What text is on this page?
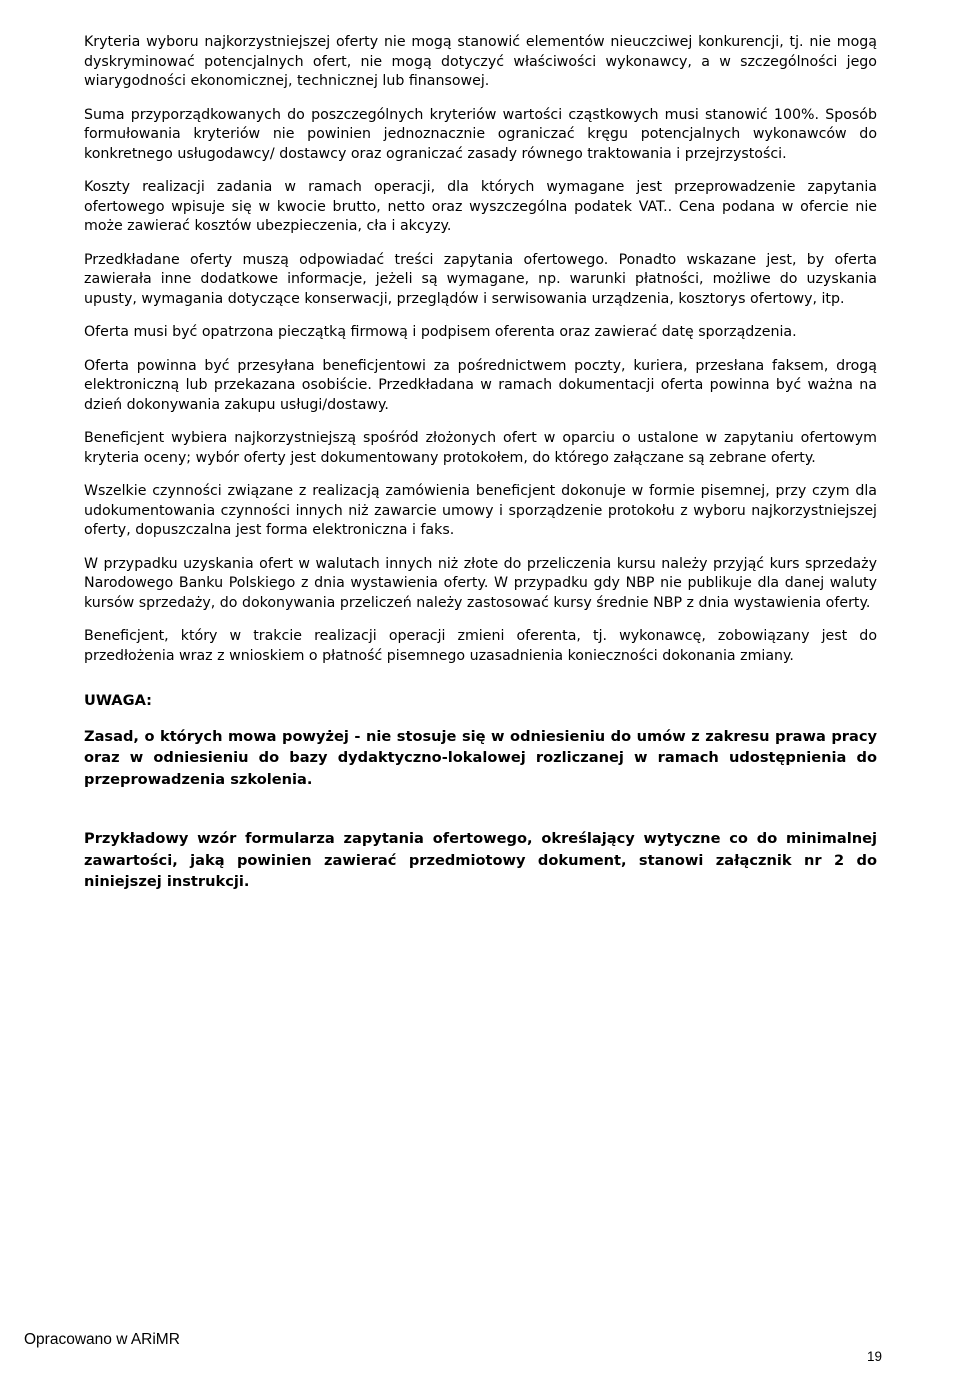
Kryteria wyboru najkorzystniejszej oferty nie mogą stanowić elementów nieuczciwej konkurencji, tj. nie mogą dyskryminować potencjalnych ofert, nie mogą dotyczyć właściwości wykonawcy, a w szczególności jego wiarygodności ekonomicznej, technicznej lub finansowej.

Suma przyporządkowanych do poszczególnych kryteriów wartości cząstkowych musi stanowić 100%. Sposób formułowania kryteriów nie powinien jednoznacznie ograniczać kręgu potencjalnych wykonawców do konkretnego usługodawcy/ dostawcy oraz ograniczać zasady równego traktowania i przejrzystości.

Koszty realizacji zadania w ramach operacji, dla których wymagane jest przeprowadzenie zapytania ofertowego wpisuje się w kwocie brutto, netto oraz wyszczególna podatek VAT.. Cena podana w ofercie nie może zawierać kosztów ubezpieczenia, cła i akcyzy.

Przedkładane oferty muszą odpowiadać treści zapytania ofertowego. Ponadto wskazane jest, by oferta zawierała inne dodatkowe informacje, jeżeli są wymagane, np. warunki płatności, możliwe do uzyskania upusty, wymagania dotyczące konserwacji, przeglądów i serwisowania urządzenia, kosztorys ofertowy, itp.

Oferta musi być opatrzona pieczątką firmową i podpisem oferenta oraz zawierać datę sporządzenia.

Oferta powinna być przesyłana beneficjentowi za pośrednictwem poczty, kuriera, przesłana faksem, drogą elektroniczną lub przekazana osobiście. Przedkładana w ramach dokumentacji oferta powinna być ważna na dzień dokonywania zakupu usługi/dostawy.

Beneficjent wybiera najkorzystniejszą spośród złożonych ofert w oparciu o ustalone w zapytaniu ofertowym kryteria oceny; wybór oferty jest dokumentowany protokołem, do którego załączane są zebrane oferty.

Wszelkie czynności związane z realizacją zamówienia beneficjent dokonuje w formie pisemnej, przy czym dla udokumentowania czynności innych niż zawarcie umowy i sporządzenie protokołu z wyboru najkorzystniejszej oferty, dopuszczalna jest forma elektroniczna i faks.

W przypadku uzyskania ofert w walutach innych niż złote do przeliczenia kursu należy przyjąć kurs sprzedaży Narodowego Banku Polskiego z dnia wystawienia oferty. W przypadku gdy NBP nie publikuje dla danej waluty kursów sprzedaży, do dokonywania przeliczeń należy zastosować kursy średnie NBP z dnia wystawienia oferty.

Beneficjent, który w trakcie realizacji operacji zmieni oferenta, tj. wykonawcę, zobowiązany jest do przedłożenia wraz z wnioskiem o płatność pisemnego uzasadnienia konieczności dokonania zmiany.

UWAGA:

Zasad, o których mowa powyżej - nie stosuje się w odniesieniu do umów z zakresu prawa pracy oraz w odniesieniu do bazy dydaktyczno-lokalowej rozliczanej w ramach udostępnienia do przeprowadzenia szkolenia.

Przykładowy wzór formularza zapytania ofertowego, określający wytyczne co do minimalnej zawartości, jaką powinien zawierać przedmiotowy dokument, stanowi załącznik nr 2 do niniejszej instrukcji.

Opracowano w ARiMR
19
